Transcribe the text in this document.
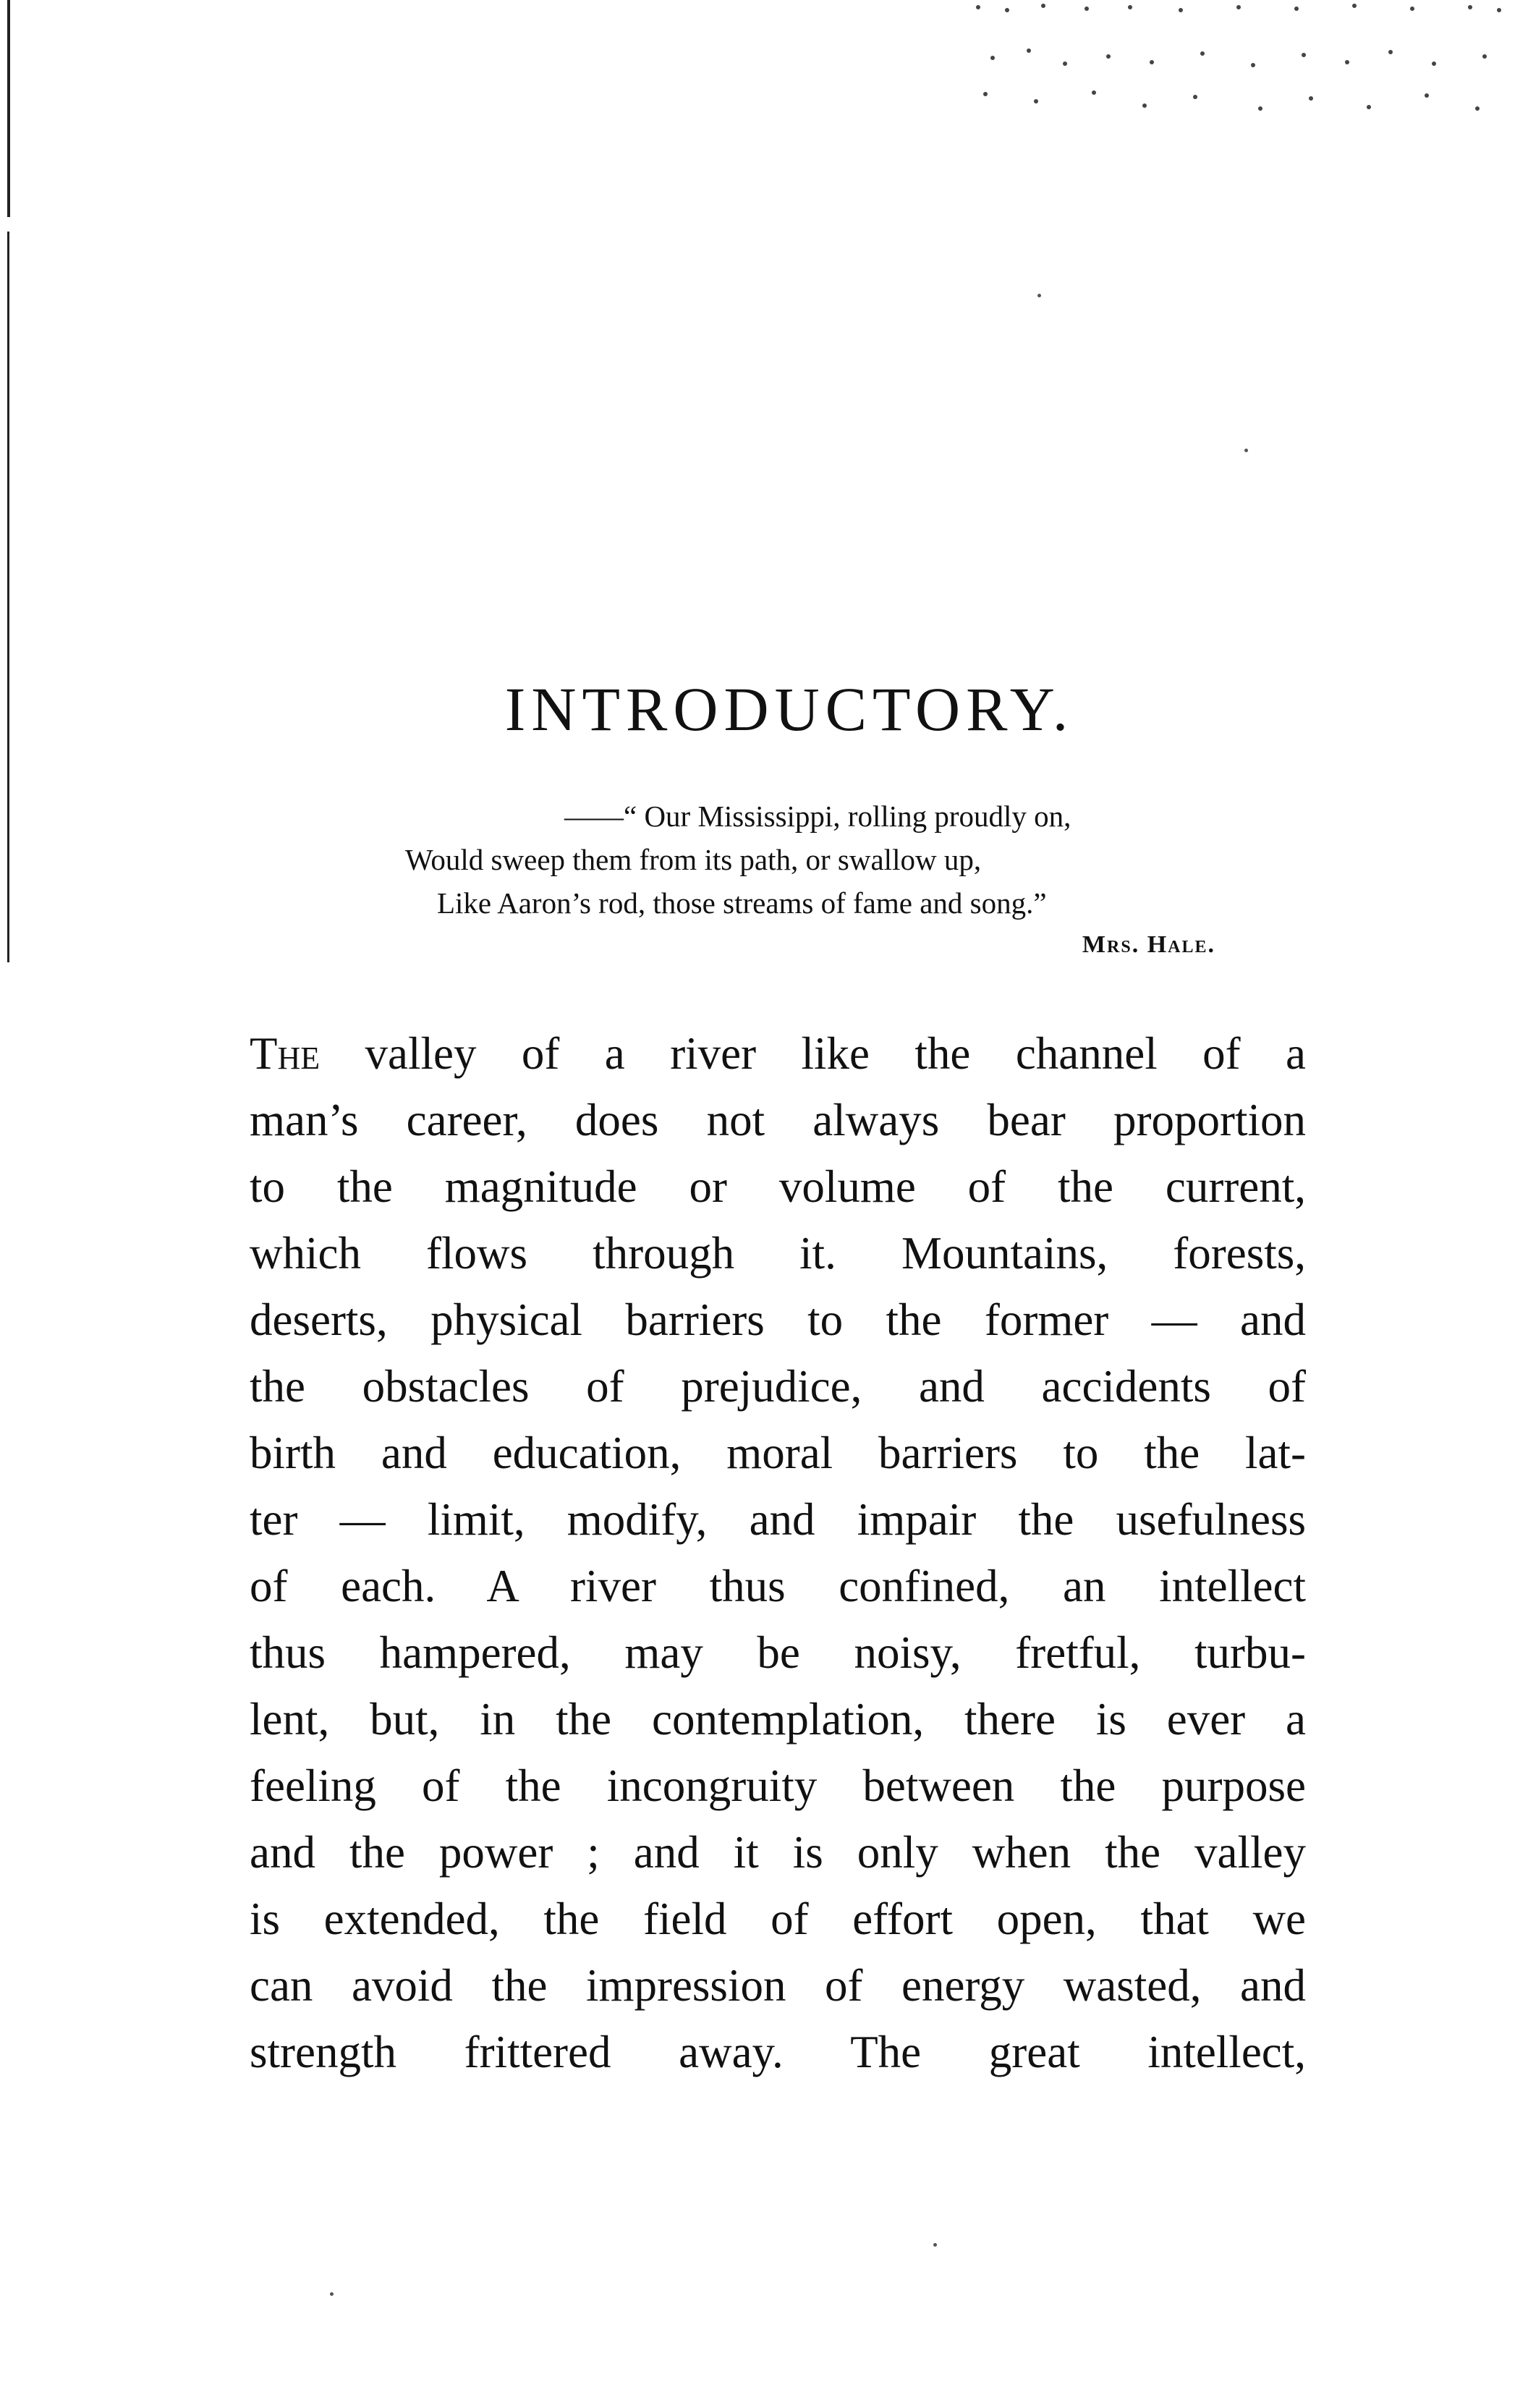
INTRODUCTORY.
——“ Our Mississippi, rolling proudly on,
Would sweep them from its path, or swallow up,
Like Aaron’s rod, those streams of fame and song.”
Mrs. Hale.
The valley of a river like the channel of a
man’s career, does not always bear proportion
to the magnitude or volume of the current,
which flows through it. Mountains, forests,
deserts, physical barriers to the former — and
the obstacles of prejudice, and accidents of
birth and education, moral barriers to the lat-
ter — limit, modify, and impair the usefulness
of each. A river thus confined, an intellect
thus hampered, may be noisy, fretful, turbu-
lent, but, in the contemplation, there is ever a
feeling of the incongruity between the purpose
and the power ; and it is only when the valley
is extended, the field of effort open, that we
can avoid the impression of energy wasted, and
strength frittered away. The great intellect,
